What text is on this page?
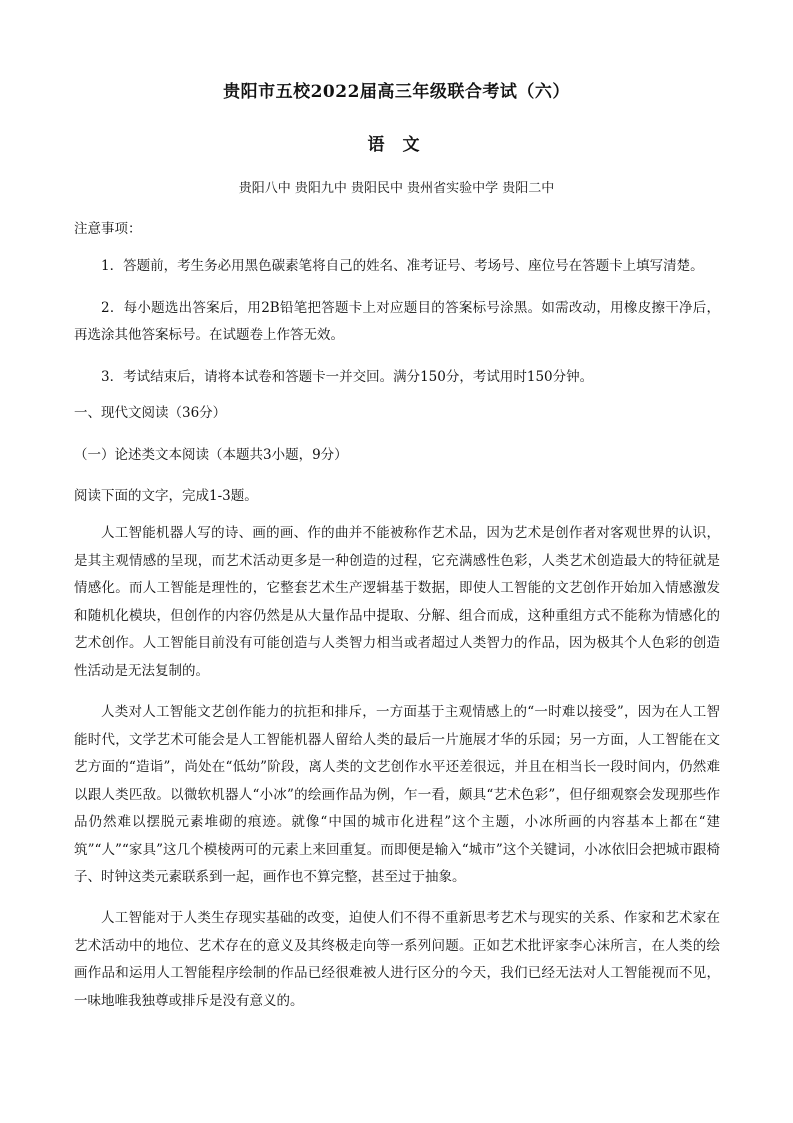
贵阳市五校2022届高三年级联合考试（六）
语 文
贵阳八中 贵阳九中 贵阳民中 贵州省实验中学 贵阳二中
注意事项：

1．答题前，考生务必用黑色碳素笔将自己的姓名、准考证号、考场号、座位号在答题卡上填写清楚。

2．每小题选出答案后，用2B铅笔把答题卡上对应题目的答案标号涂黑。如需改动，用橡皮擦干净后，再选涂其他答案标号。在试题卷上作答无效。

3．考试结束后，请将本试卷和答题卡一并交回。满分150分，考试用时150分钟。

一、现代文阅读（36分）
（一）论述类文本阅读（本题共3小题，9分）
阅读下面的文字，完成1-3题。

人工智能机器人写的诗、画的画、作的曲并不能被称作艺术品，因为艺术是创作者对客观世界的认识，是其主观情感的呈现，而艺术活动更多是一种创造的过程，它充满感性色彩，人类艺术创造最大的特征就是情感化。而人工智能是理性的，它整套艺术生产逻辑基于数据，即使人工智能的文艺创作开始加入情感激发和随机化模块，但创作的内容仍然是从大量作品中提取、分解、组合而成，这种重组方式不能称为情感化的艺术创作。人工智能目前没有可能创造与人类智力相当或者超过人类智力的作品，因为极其个人色彩的创造性活动是无法复制的。

人类对人工智能文艺创作能力的抗拒和排斥，一方面基于主观情感上的“一时难以接受”，因为在人工智能时代，文学艺术可能会是人工智能机器人留给人类的最后一片施展才华的乐园；另一方面，人工智能在文艺方面的“造诣”，尚处在“低幼”阶段，离人类的文艺创作水平还差很远，并且在相当长一段时间内，仍然难以跟人类匹敌。以微软机器人“小冰”的绘画作品为例，乍一看，颇具“艺术色彩”，但仔细观察会发现那些作品仍然难以摆脱元素堆砌的痕迹。就像“中国的城市化进程”这个主题，小冰所画的内容基本上都在“建筑”“人”“家具”这几个模棱两可的元素上来回重复。而即便是输入“城市”这个关键词，小冰依旧会把城市跟椅子、时钟这类元素联系到一起，画作也不算完整，甚至过于抽象。

人工智能对于人类生存现实基础的改变，迫使人们不得不重新思考艺术与现实的关系、作家和艺术家在艺术活动中的地位、艺术存在的意义及其终极走向等一系列问题。正如艺术批评家李心沫所言，在人类的绘画作品和运用人工智能程序绘制的作品已经很难被人进行区分的今天，我们已经无法对人工智能视而不见，一味地唯我独尊或排斥是没有意义的。
